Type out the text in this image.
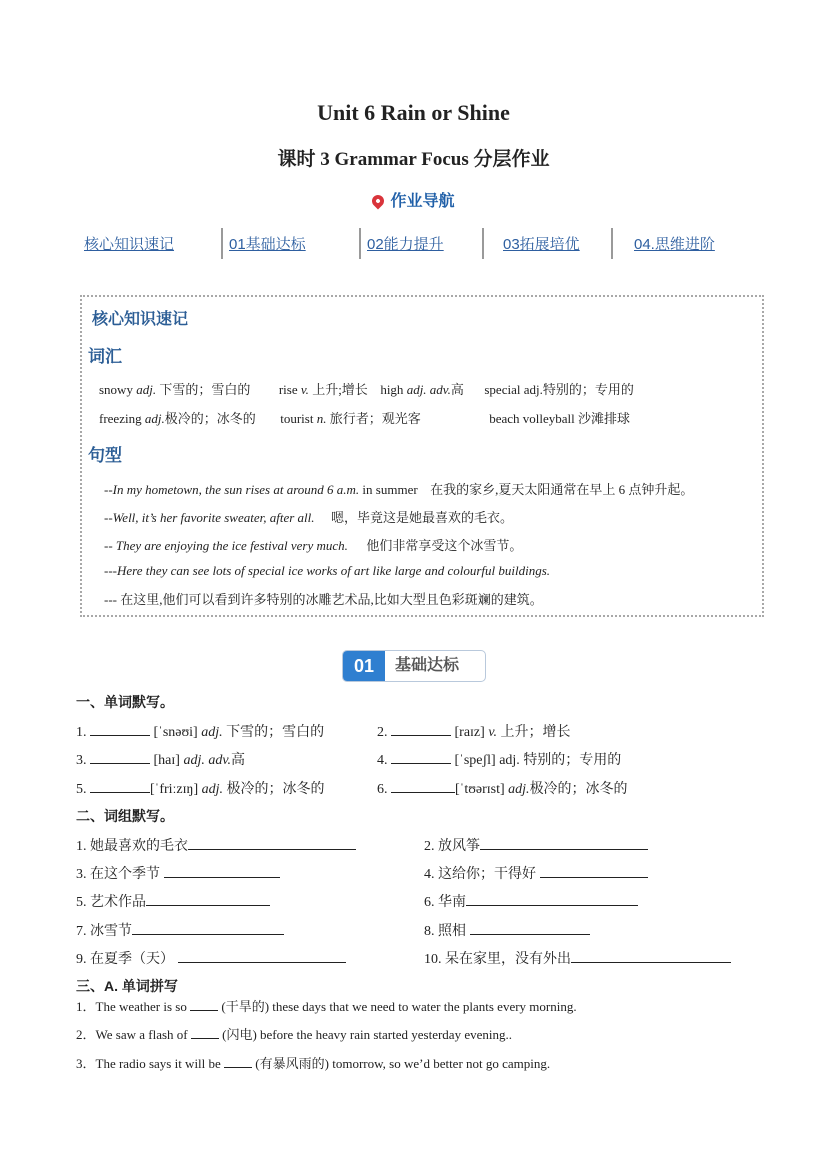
Unit 6 Rain or Shine
课时 3 Grammar Focus 分层作业
作业导航
核心知识速记	01基础达标	02能力提升	03拓展培优	04.思维进阶
核心知识速记
词汇
snowy adj. 下雪的；雪白的 rise v. 上升;增长 high adj. adv.高 special adj.特别的；专用的
freezing adj.极冷的；冰冬的 tourist n. 旅行者；观光客	beach volleyball 沙滩排球
句型
--In my hometown, the sun rises at around 6 a.m. in summer 在我的家乡,夏天太阳通常在早上 6 点钟升起。
--Well, it’s her favorite sweater, after all. 嗯，毕竟这是她最喜欢的毛衣。
-- They are enjoying the ice festival very much. 他们非常享受这个冰雪节。
---Here they can see lots of special ice works of art like large and colourful buildings.
--- 在这里,他们可以看到许多特别的冰雕艺术品,比如大型且色彩斑斓的建筑。
01	基础达标
一、单词默写。
1.	[ˈsnəʊi] adj. 下雪的；雪白的	2.	[raɪz] v. 上升；增长
3.	[haɪ] adj. adv.高	4.	[ˈspeʃl] adj. 特别的；专用的
5.	[ˈfriːzɪŋ] adj. 极冷的；冰冬的	6.	[ˈtʊərɪst] adj.极冷的；冰冬的
二、词组默写。
1. 她最喜欢的毛衣	2. 放风筝
3. 在这个季节	4. 这给你；干得好
5. 艺术作品	6. 华南
7. 冰雪节	8. 照相
9. 在夏季（天）	10. 呆在家里，没有外出
三、A. 单词拼写
1．The weather is so	(干旱的) these days that we need to water the plants every morning.
2．We saw a flash of	(闪电) before the heavy rain started yesterday evening..
3．The radio says it will be	(有暴风雨的) tomorrow, so we’d better not go camping.
